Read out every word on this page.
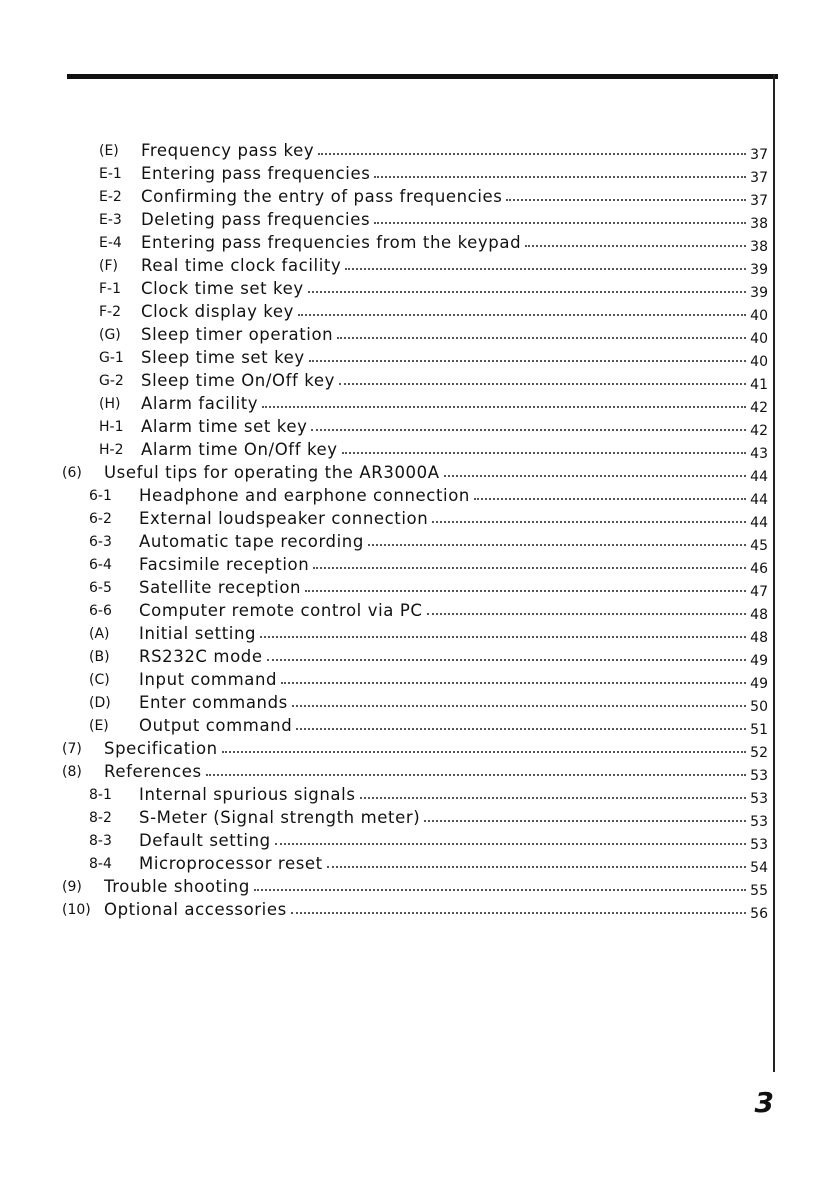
(E) Frequency pass key	37
E-1 Entering pass frequencies	37
E-2 Confirming the entry of pass frequencies	37
E-3 Deleting pass frequencies	38
E-4 Entering pass frequencies from the keypad	38
(F) Real time clock facility	39
F-1 Clock time set key	39
F-2 Clock display key	40
(G) Sleep timer operation	40
G-1 Sleep time set key	40
G-2 Sleep time On/Off key	41
(H) Alarm facility	42
H-1 Alarm time set key	42
H-2 Alarm time On/Off key	43
(6) Useful tips for operating the AR3000A	44
6-1 Headphone and earphone connection	44
6-2 External loudspeaker connection	44
6-3 Automatic tape recording	45
6-4 Facsimile reception	46
6-5 Satellite reception	47
6-6 Computer remote control via PC	48
(A) Initial setting	48
(B) RS232C mode	49
(C) Input command	49
(D) Enter commands	50
(E) Output command	51
(7) Specification	52
(8) References	53
8-1 Internal spurious signals	53
8-2 S-Meter (Signal strength meter)	53
8-3 Default setting	53
8-4 Microprocessor reset	54
(9) Trouble shooting	55
(10) Optional accessories	56
3
